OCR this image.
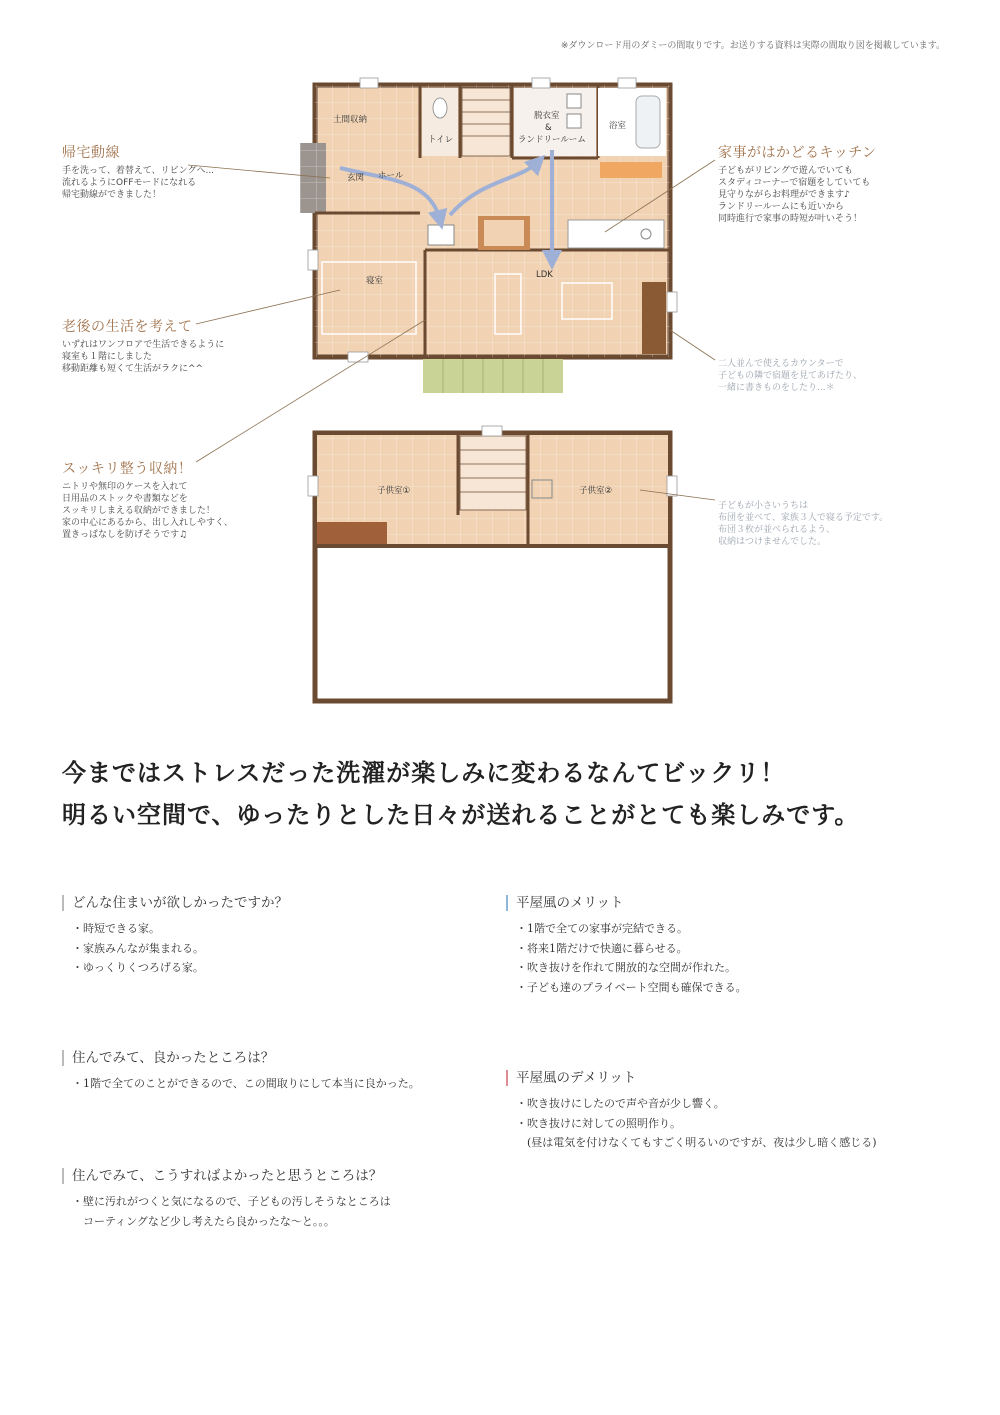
※ダウンロード用のダミーの間取りです。お送りする資料は実際の間取り図を掲載しています。
土間収納
トイレ
脱衣室
&
ランドリールーム
浴室
玄関 ホール
寝室
LDK
子供室①	子供室②
帰宅動線
手を洗って、着替えて、リビングへ...
流れるようにOFFモードになれる
帰宅動線ができました！
老後の生活を考えて
いずれはワンフロアで生活できるように
寝室も１階にしました
移動距離も短くて生活がラクに^^
スッキリ整う収納！
ニトリや無印のケースを入れて
日用品のストックや書類などを
スッキリしまえる収納ができました！
家の中心にあるから、出し入れしやすく、
置きっぱなしを防げそうです♫
家事がはかどるキッチン
子どもがリビングで遊んでいても
スタディコーナーで宿題をしていても
見守りながらお料理ができます♪
ランドリールームにも近いから
同時進行で家事の時短が叶いそう！
二人並んで使えるカウンターで
子どもの隣で宿題を見てあげたり、
一緒に書きものをしたり...＊
子どもが小さいうちは
布団を並べて、家族３人で寝る予定です。
布団３枚が並べられるよう、
収納はつけませんでした。
今まではストレスだった洗濯が楽しみに変わるなんてビックリ！
明るい空間で、ゆったりとした日々が送れることがとても楽しみです。
どんな住まいが欲しかったですか？
・時短できる家。
・家族みんなが集まれる。
・ゆっくりくつろげる家。
住んでみて、良かったところは？
・1階で全てのことができるので、この間取りにして本当に良かった。
住んでみて、こうすればよかったと思うところは？
・壁に汚れがつくと気になるので、子どもの汚しそうなところは
　コーティングなど少し考えたら良かったな～と。。。
平屋風のメリット
・1階で全ての家事が完結できる。
・将来1階だけで快適に暮らせる。
・吹き抜けを作れて開放的な空間が作れた。
・子ども達のプライベート空間も確保できる。
平屋風のデメリット
・吹き抜けにしたので声や音が少し響く。
・吹き抜けに対しての照明作り。
　(昼は電気を付けなくてもすごく明るいのですが、夜は少し暗く感じる)
